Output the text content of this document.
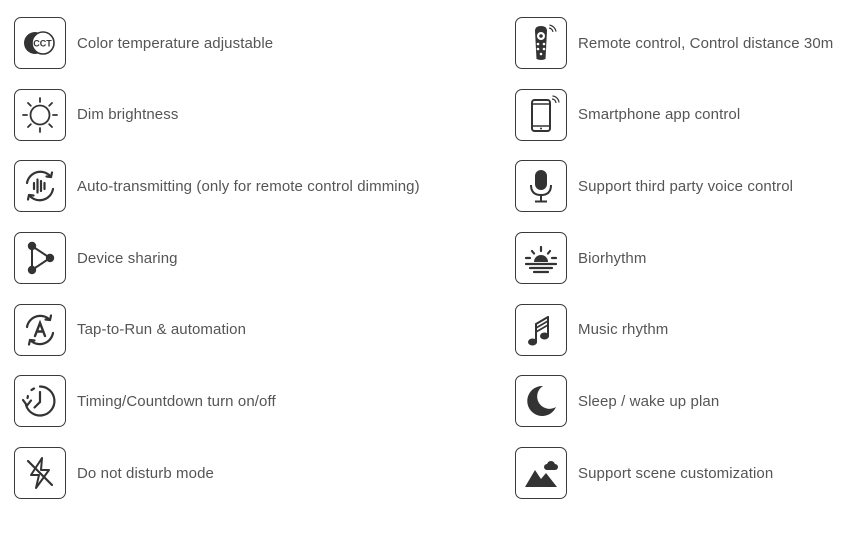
CCT Color temperature adjustable
Dim brightness
Auto-transmitting (only for remote control dimming)
Device sharing
Tap-to-Run & automation
Timing/Countdown turn on/off
Do not disturb mode
Remote control, Control distance 30m
Smartphone app control
Support third party voice control
Biorhythm
Music rhythm
Sleep / wake up plan
Support scene customization
